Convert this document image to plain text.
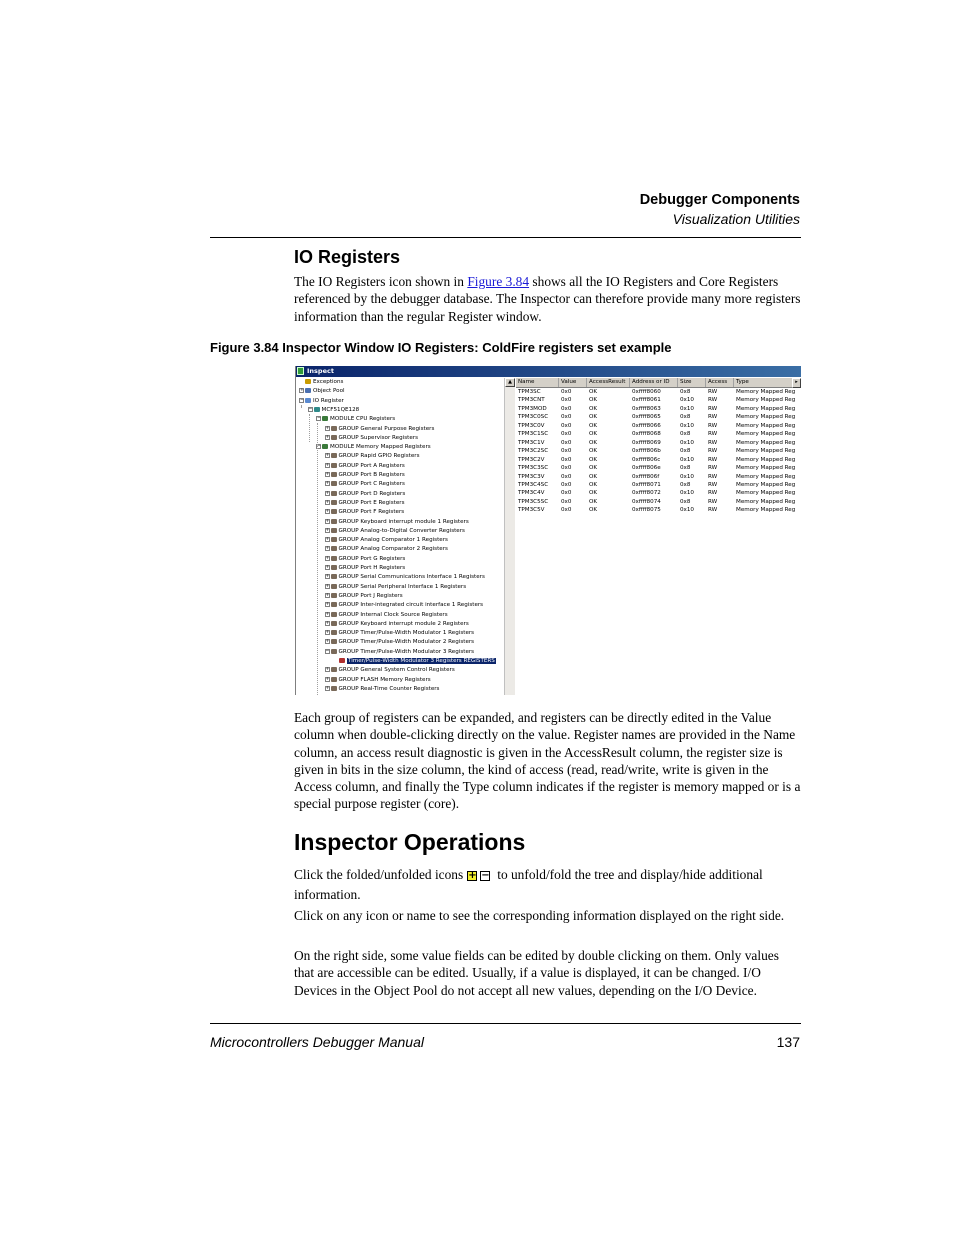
Debugger Components
Visualization Utilities
IO Registers

The IO Registers icon shown in Figure 3.84 shows all the IO Registers and Core Registers referenced by the debugger database. The Inspector can therefore provide many more registers information than the regular Register window.

Figure 3.84 Inspector Window IO Registers: ColdFire registers set example
Inspect
Exceptions
+ Object Pool
− IO Register
− MCF51QE128
− MODULE CPU Registers
+ GROUP General Purpose Registers
+ GROUP Supervisor Registers
− MODULE Memory Mapped Registers
+ GROUP Rapid GPIO Registers
+ GROUP Port A Registers
+ GROUP Port B Registers
+ GROUP Port C Registers
+ GROUP Port D Registers
+ GROUP Port E Registers
+ GROUP Port F Registers
+ GROUP Keyboard interrupt module 1 Registers
+ GROUP Analog-to-Digital Converter Registers
+ GROUP Analog Comparator 1 Registers
+ GROUP Analog Comparator 2 Registers
+ GROUP Port G Registers
+ GROUP Port H Registers
+ GROUP Serial Communications Interface 1 Registers
+ GROUP Serial Peripheral Interface 1 Registers
+ GROUP Port J Registers
+ GROUP Inter-integrated circuit interface 1 Registers
+ GROUP Internal Clock Source Registers
+ GROUP Keyboard interrupt module 2 Registers
+ GROUP Timer/Pulse-Width Modulator 1 Registers
+ GROUP Timer/Pulse-Width Modulator 2 Registers
− GROUP Timer/Pulse-Width Modulator 3 Registers
Timer/Pulse-Width Modulator 3 Registers REGISTERS
+ GROUP General System Control Registers
+ GROUP FLASH Memory Registers
+ GROUP Real-Time Counter Registers
▲	Name	Value	AccessResult	Address or ID	Size	Access	Type
TPM3SC	0x0	OK	0xffff8060	0x8	RW	Memory Mapped Reg
TPM3CNT	0x0	OK	0xffff8061	0x10	RW	Memory Mapped Reg
TPM3MOD	0x0	OK	0xffff8063	0x10	RW	Memory Mapped Reg
TPM3C0SC	0x0	OK	0xffff8065	0x8	RW	Memory Mapped Reg
TPM3C0V	0x0	OK	0xffff8066	0x10	RW	Memory Mapped Reg
TPM3C1SC	0x0	OK	0xffff8068	0x8	RW	Memory Mapped Reg
TPM3C1V	0x0	OK	0xffff8069	0x10	RW	Memory Mapped Reg
TPM3C2SC	0x0	OK	0xffff806b	0x8	RW	Memory Mapped Reg
TPM3C2V	0x0	OK	0xffff806c	0x10	RW	Memory Mapped Reg
TPM3C3SC	0x0	OK	0xffff806e	0x8	RW	Memory Mapped Reg
TPM3C3V	0x0	OK	0xffff806f	0x10	RW	Memory Mapped Reg
TPM3C4SC	0x0	OK	0xffff8071	0x8	RW	Memory Mapped Reg
TPM3C4V	0x0	OK	0xffff8072	0x10	RW	Memory Mapped Reg
TPM3C5SC	0x0	OK	0xffff8074	0x8	RW	Memory Mapped Reg
TPM3C5V	0x0	OK	0xffff8075	0x10	RW	Memory Mapped Reg
▸

Each group of registers can be expanded, and registers can be directly edited in the Value column when double-clicking directly on the value. Register names are provided in the Name column, an access result diagnostic is given in the AccessResult column, the register size is given in bits in the size column, the kind of access (read, read/write, write is given in the Access column, and finally the Type column indicates if the register is memory mapped or is a special purpose register (core).

Inspector Operations

Click the folded/unfolded icons + − to unfold/fold the tree and display/hide additional information.

Click on any icon or name to see the corresponding information displayed on the right side.

On the right side, some value fields can be edited by double clicking on them. Only values that are accessible can be edited. Usually, if a value is displayed, it can be changed. I/O Devices in the Object Pool do not accept all new values, depending on the I/O Device.

Microcontrollers Debugger Manual	137
